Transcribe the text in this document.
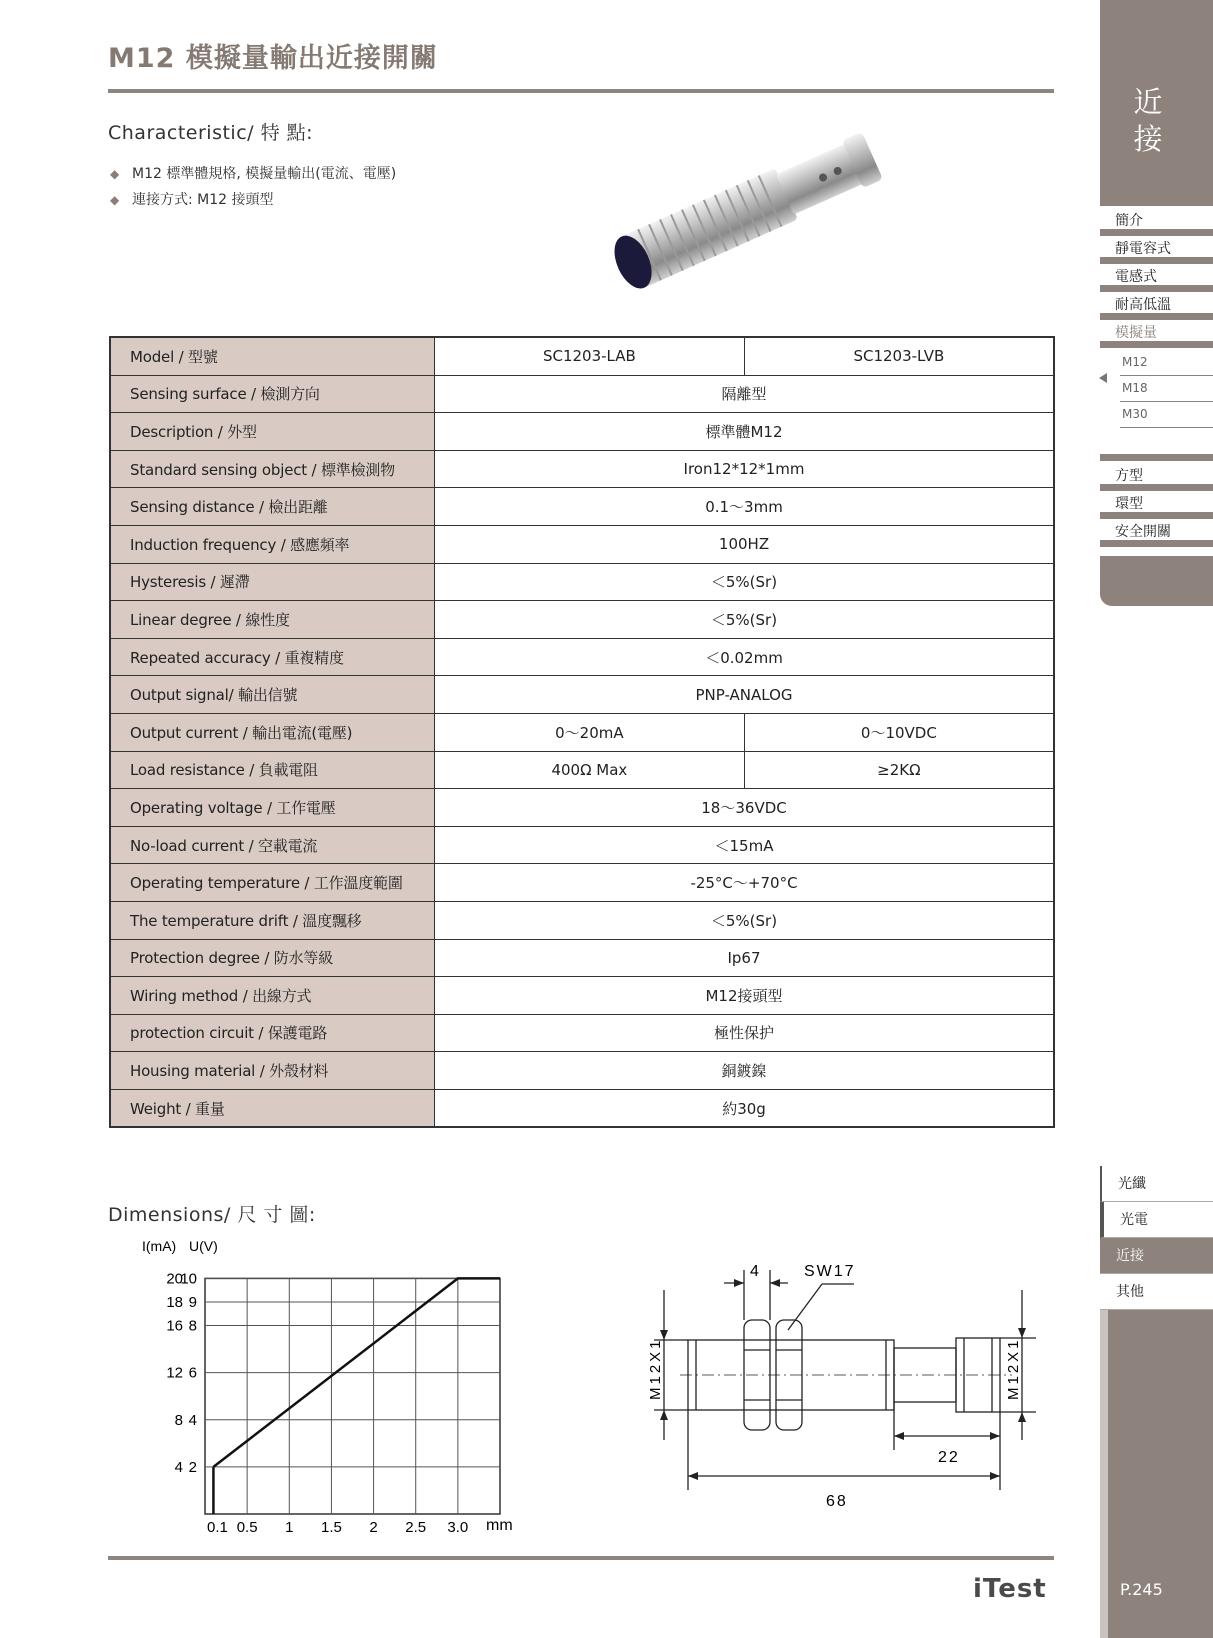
M12 模擬量輸出近接開關
Characteristic/ 特 點:
◆ M12 標準體規格, 模擬量輸出(電流、電壓)
◆ 連接方式: M12 接頭型
Model / 型號	SC1203-LAB	SC1203-LVB
Sensing surface / 檢測方向	隔離型	
Description / 外型	標準體M12	
Standard sensing object / 標準檢測物	Iron12*12*1mm	
Sensing distance / 檢出距離	0.1～3mm	
Induction frequency / 感應頻率	100HZ	
Hysteresis / 遲滯	＜5%(Sr)	
Linear degree / 線性度	＜5%(Sr)	
Repeated accuracy / 重複精度	＜0.02mm	
Output signal/ 輸出信號	PNP-ANALOG	
Output current / 輸出電流(電壓)	0～20mA	0～10VDC
Load resistance / 負載電阻	400Ω Max	≥2KΩ
Operating voltage / 工作電壓	18～36VDC	
No-load current / 空載電流	＜15mA	
Operating temperature / 工作溫度範圍	-25°C～+70°C	
The temperature drift / 溫度飄移	＜5%(Sr)	
Protection degree / 防水等級	Ip67	
Wiring method / 出線方式	M12接頭型	
protection circuit / 保護電路	極性保护	
Housing material / 外殼材料	銅鍍鎳	
Weight / 重量	約30g	
Dimensions/ 尺 寸 圖:
I(mA) U(V)
20
10
18 9
16 8
12 6
8 4
4 2
0.1 0.5 1 1.5 2 2.5 3.0 mm
4	SW17
M12X1	M12X1
22
68
iTest
近接
簡介
靜電容式
電感式
耐高低溫
模擬量
M12
M18
M30
方型
環型
安全開關
光纖
光電
近接
其他
P.245
